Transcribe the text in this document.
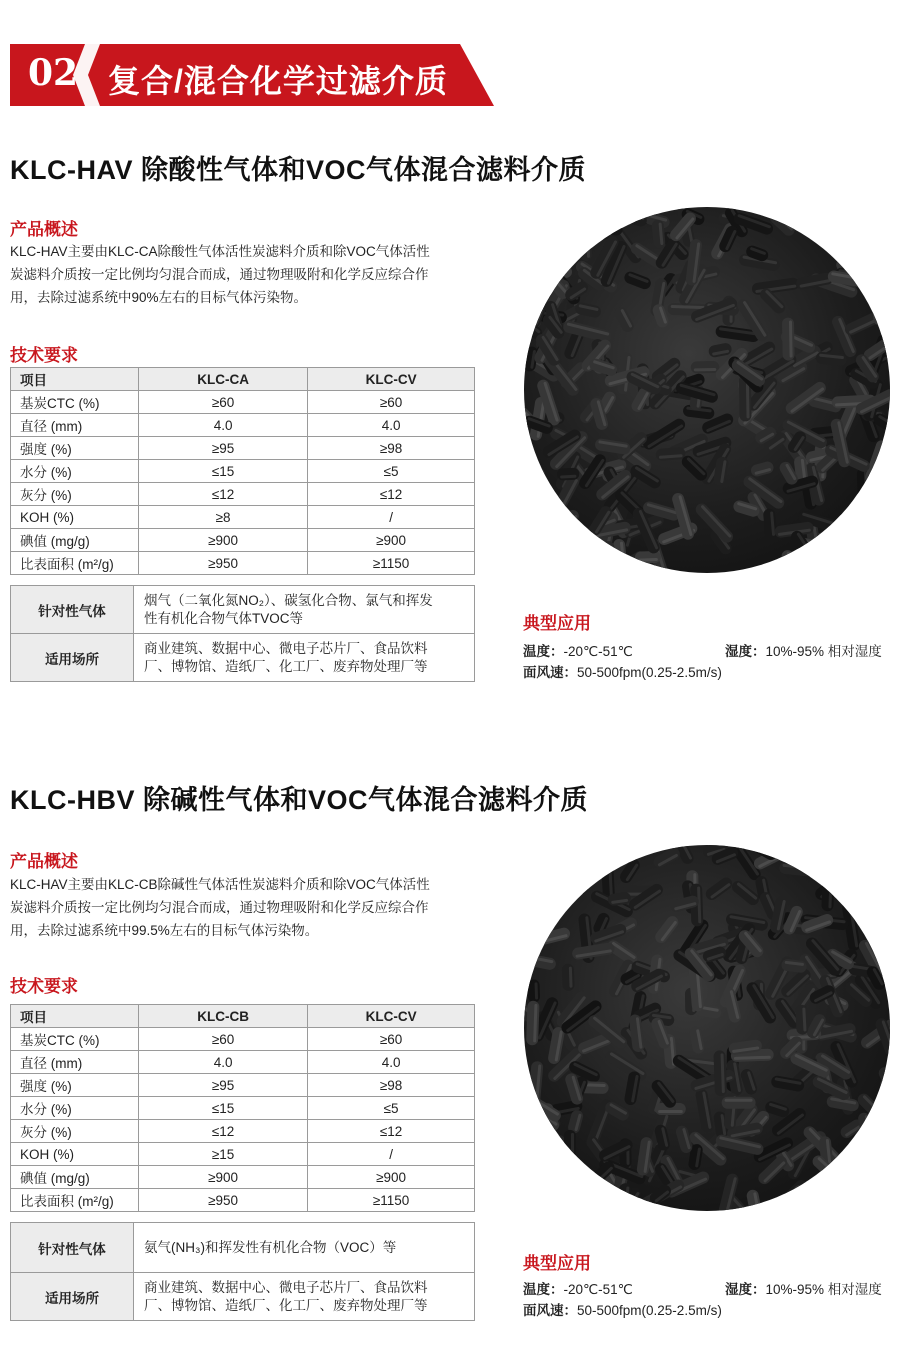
02 复合/混合化学过滤介质
KLC-HAV 除酸性气体和VOC气体混合滤料介质
产品概述
KLC-HAV主要由KLC-CA除酸性气体活性炭滤料介质和除VOC气体活性
炭滤料介质按一定比例均匀混合而成，通过物理吸附和化学反应综合作
用，去除过滤系统中90%左右的目标气体污染物。
技术要求
项目	KLC-CA	KLC-CV
基炭CTC (%)	≥60	≥60
直径 (mm)	4.0	4.0
强度 (%)	≥95	≥98
水分 (%)	≤15	≤5
灰分 (%)	≤12	≤12
KOH (%)	≥8	/
碘值 (mg/g)	≥900	≥900
比表面积 (m²/g)	≥950	≥1150
针对性气体	烟气（二氧化氮NO₂）、碳氢化合物、氯气和挥发
性有机化合物气体TVOC等

适用场所	商业建筑、数据中心、微电子芯片厂、食品饮料
厂、博物馆、造纸厂、化工厂、废弃物处理厂等
典型应用
温度：-20℃-51℃	湿度：10%-95% 相对湿度
面风速：50-500fpm(0.25-2.5m/s)
KLC-HBV 除碱性气体和VOC气体混合滤料介质
产品概述
KLC-HAV主要由KLC-CB除碱性气体活性炭滤料介质和除VOC气体活性
炭滤料介质按一定比例均匀混合而成，通过物理吸附和化学反应综合作
用，去除过滤系统中99.5%左右的目标气体污染物。
技术要求
项目	KLC-CB	KLC-CV
基炭CTC (%)	≥60	≥60
直径 (mm)	4.0	4.0
强度 (%)	≥95	≥98
水分 (%)	≤15	≤5
灰分 (%)	≤12	≤12
KOH (%)	≥15	/
碘值 (mg/g)	≥900	≥900
比表面积 (m²/g)	≥950	≥1150
针对性气体	氨气(NH₃)和挥发性有机化合物（VOC）等

适用场所	商业建筑、数据中心、微电子芯片厂、食品饮料
厂、博物馆、造纸厂、化工厂、废弃物处理厂等
典型应用
温度：-20℃-51℃	湿度：10%-95% 相对湿度
面风速：50-500fpm(0.25-2.5m/s)
